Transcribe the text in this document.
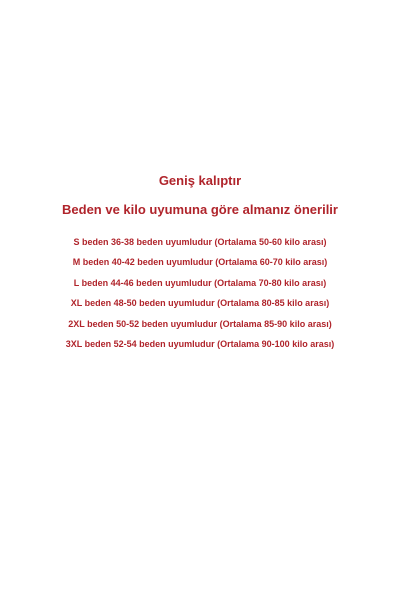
Geniş kalıptır

Beden ve kilo uyumuna göre almanız önerilir

S beden 36-38 beden uyumludur (Ortalama 50-60 kilo arası)
M beden 40-42 beden uyumludur (Ortalama 60-70 kilo arası)
L beden 44-46 beden uyumludur (Ortalama 70-80 kilo arası)
XL beden 48-50 beden uyumludur (Ortalama 80-85 kilo arası)
2XL beden 50-52 beden uyumludur (Ortalama 85-90 kilo arası)
3XL beden 52-54 beden uyumludur (Ortalama 90-100 kilo arası)
